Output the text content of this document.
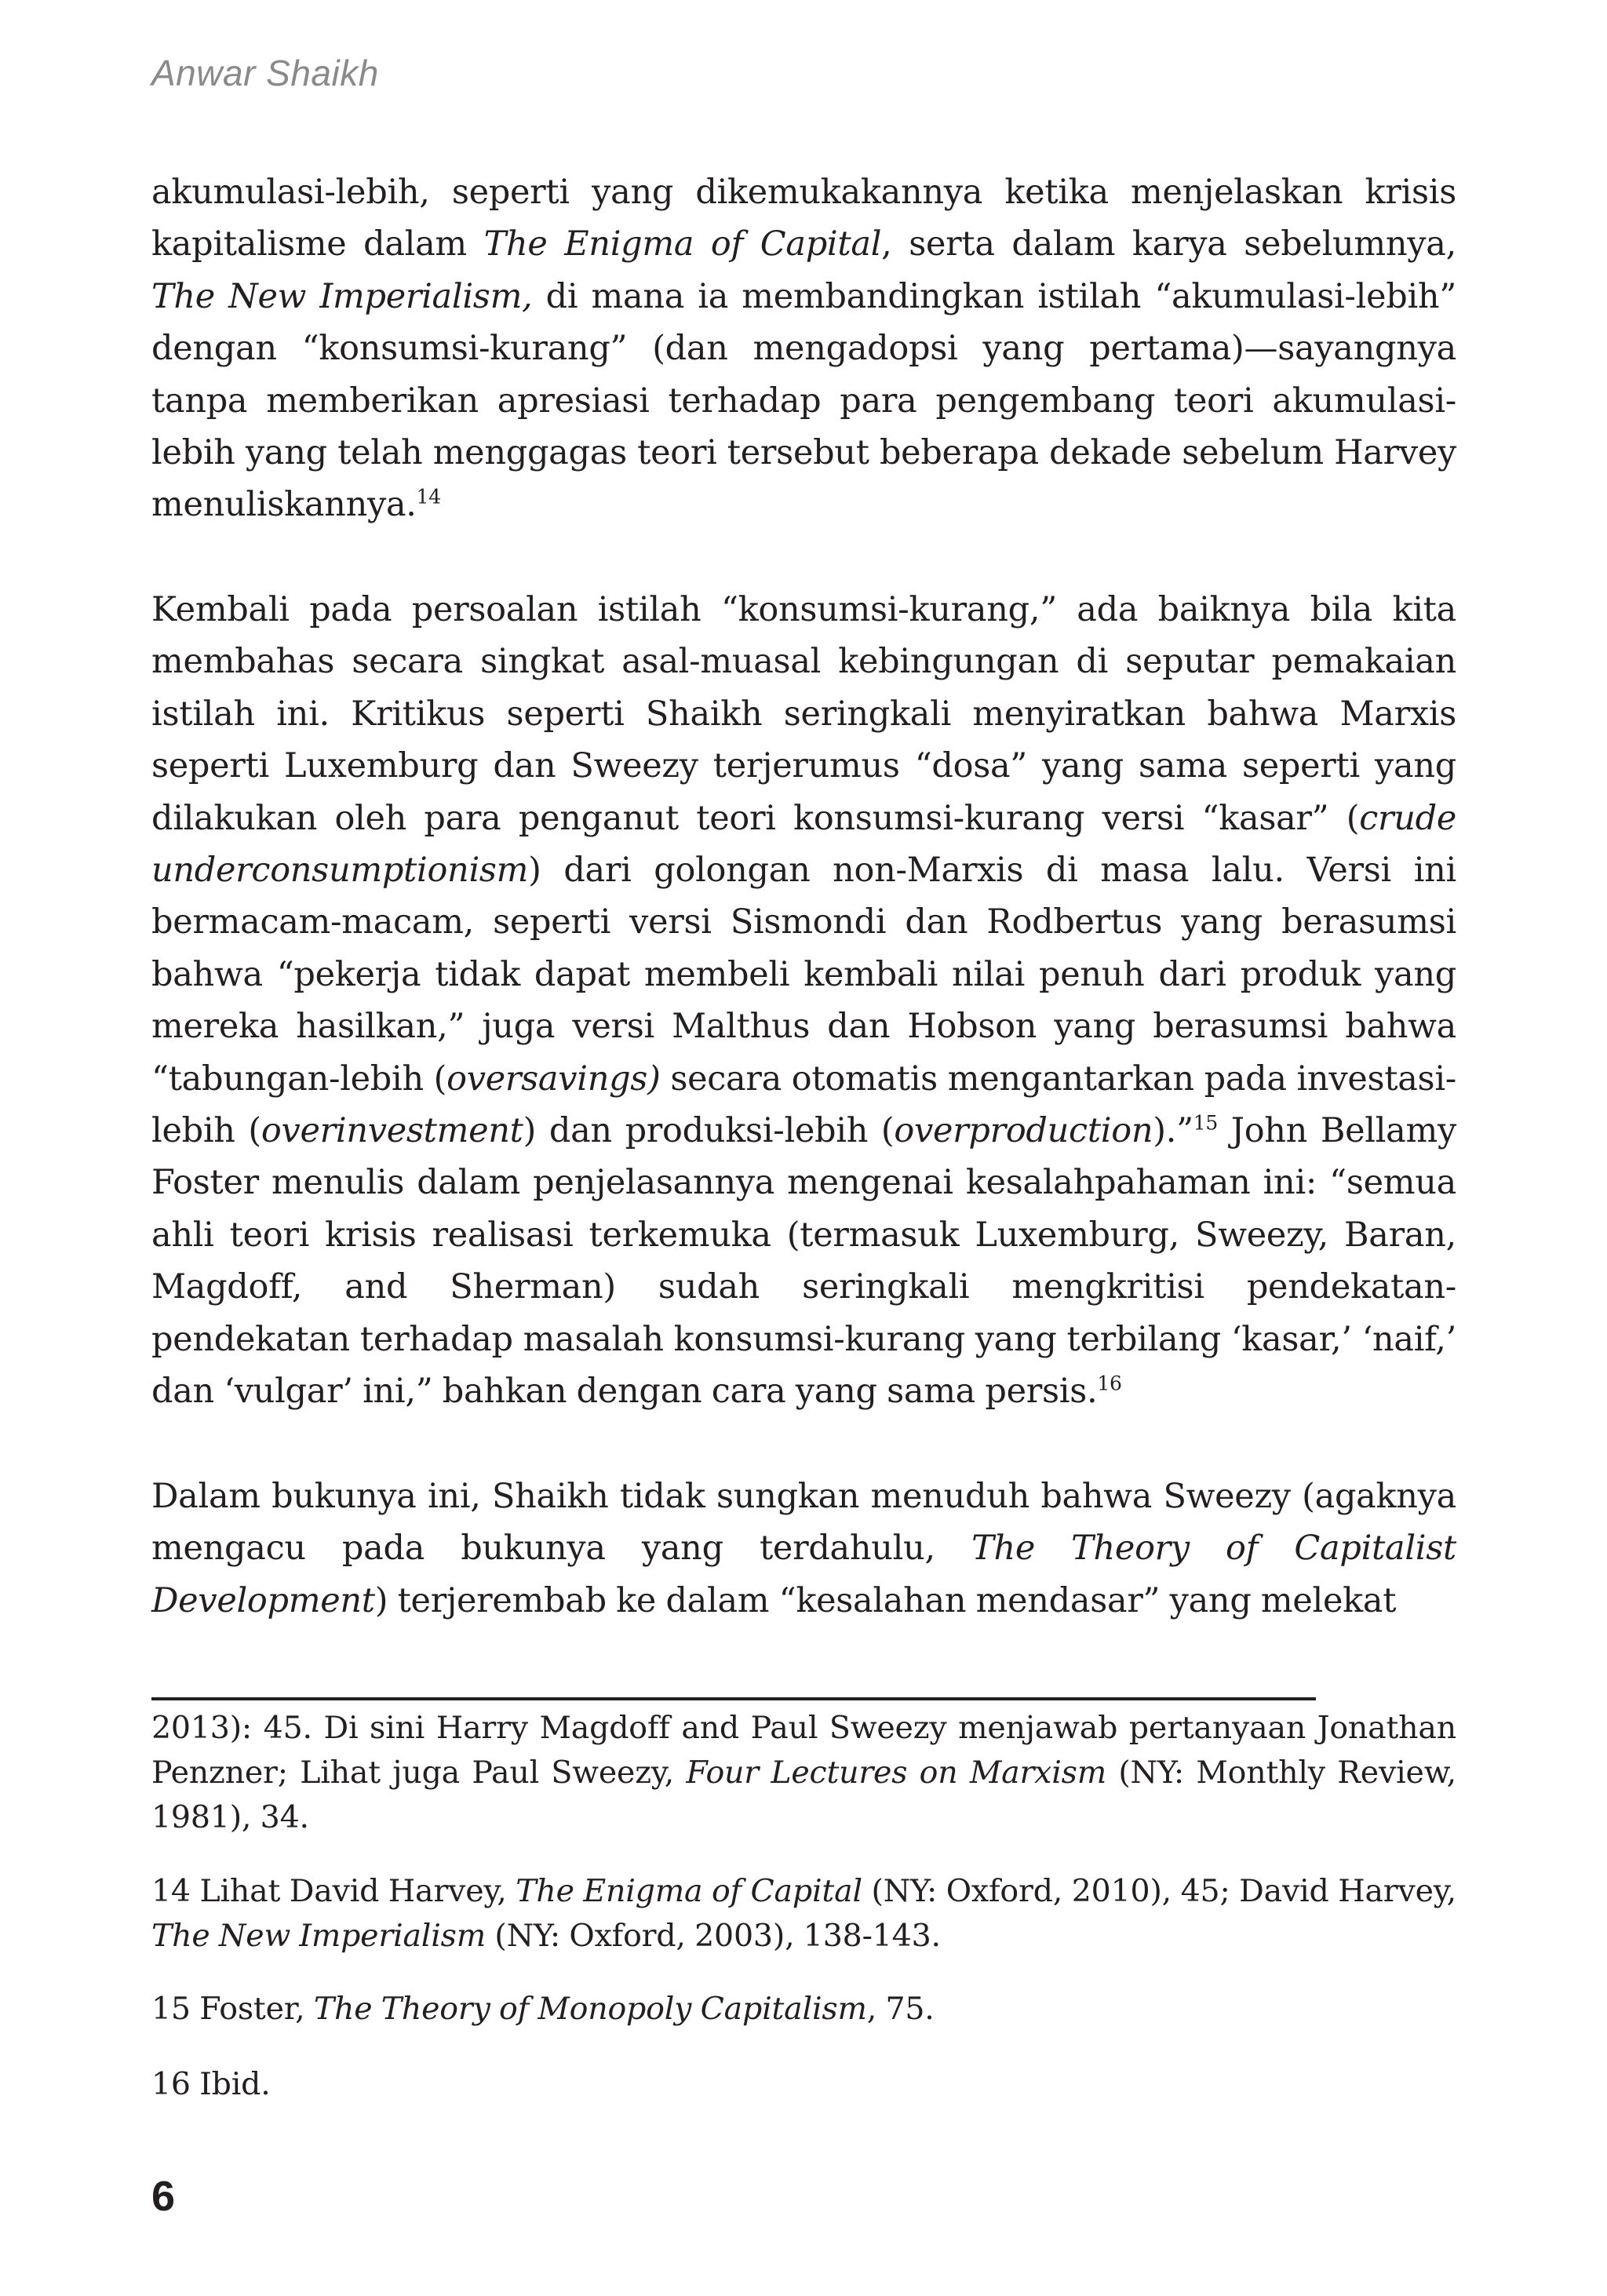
Anwar Shaikh

akumulasi-lebih, seperti yang dikemukakannya ketika menjelaskan krisis kapitalisme dalam The Enigma of Capital, serta dalam karya sebelumnya, The New Imperialism, di mana ia membandingkan istilah “akumulasi-lebih” dengan “konsumsi-kurang” (dan mengadopsi yang pertama)—sayangnya tanpa memberikan apresiasi terhadap para pengembang teori akumulasi-lebih yang telah menggagas teori tersebut beberapa dekade sebelum Harvey menuliskannya.$^{14}$

Kembali pada persoalan istilah “konsumsi-kurang,” ada baiknya bila kita membahas secara singkat asal-muasal kebingungan di seputar pemakaian istilah ini. Kritikus seperti Shaikh seringkali menyiratkan bahwa Marxis seperti Luxemburg dan Sweezy terjerumus “dosa” yang sama seperti yang dilakukan oleh para penganut teori konsumsi-kurang versi “kasar” (crude underconsumptionism) dari golongan non-Marxis di masa lalu. Versi ini bermacam-macam, seperti versi Sismondi dan Rodbertus yang berasumsi bahwa “pekerja tidak dapat membeli kembali nilai penuh dari produk yang mereka hasilkan,” juga versi Malthus dan Hobson yang berasumsi bahwa “tabungan-lebih (oversavings) secara otomatis mengantarkan pada investasi-lebih (overinvestment) dan produksi-lebih (overproduction).”$^{15}$ John Bellamy Foster menulis dalam penjelasannya mengenai kesalahpahaman ini: “semua ahli teori krisis realisasi terkemuka (termasuk Luxemburg, Sweezy, Baran, Magdoff, and Sherman) sudah seringkali mengkritisi pendekatan-pendekatan terhadap masalah konsumsi-kurang yang terbilang ‘kasar,’ ‘naif,’ dan ‘vulgar’ ini,” bahkan dengan cara yang sama persis.$^{16}$

Dalam bukunya ini, Shaikh tidak sungkan menuduh bahwa Sweezy (agaknya mengacu pada bukunya yang terdahulu, The Theory of Capitalist Development) terjerembab ke dalam “kesalahan mendasar” yang melekat

2013): 45. Di sini Harry Magdoff and Paul Sweezy menjawab pertanyaan Jonathan Penzner; Lihat juga Paul Sweezy, Four Lectures on Marxism (NY: Monthly Review, 1981), 34.

14 Lihat David Harvey, The Enigma of Capital (NY: Oxford, 2010), 45; David Harvey, The New Imperialism (NY: Oxford, 2003), 138-143.

15 Foster, The Theory of Monopoly Capitalism, 75.

16 Ibid.

6
